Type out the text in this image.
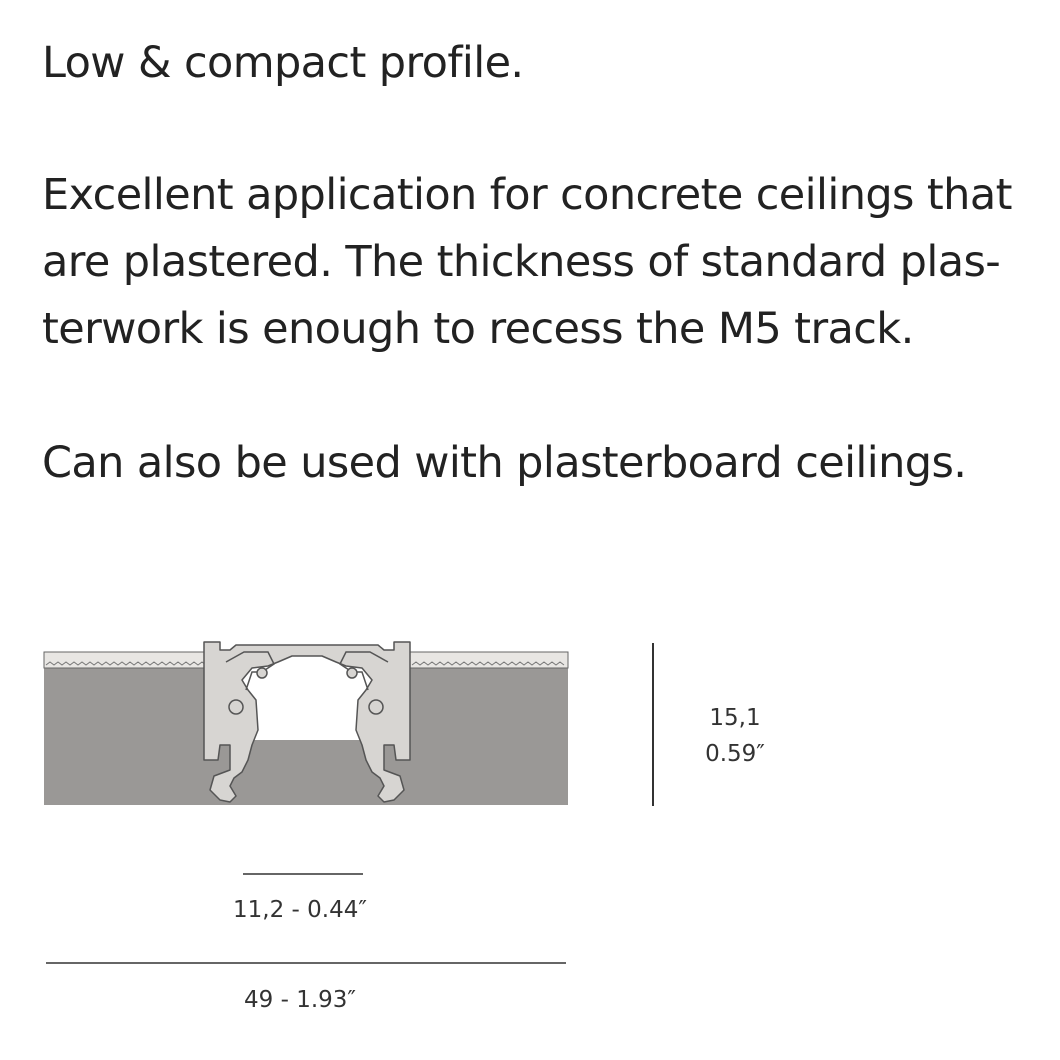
Low & compact profile.
Excellent application for concrete ceilings that
are plastered. The thickness of standard plas-
terwork is enough to recess the M5 track.
Can also be used with plasterboard ceilings.
15,1
0.59″
11,2 - 0.44″
49 - 1.93″
